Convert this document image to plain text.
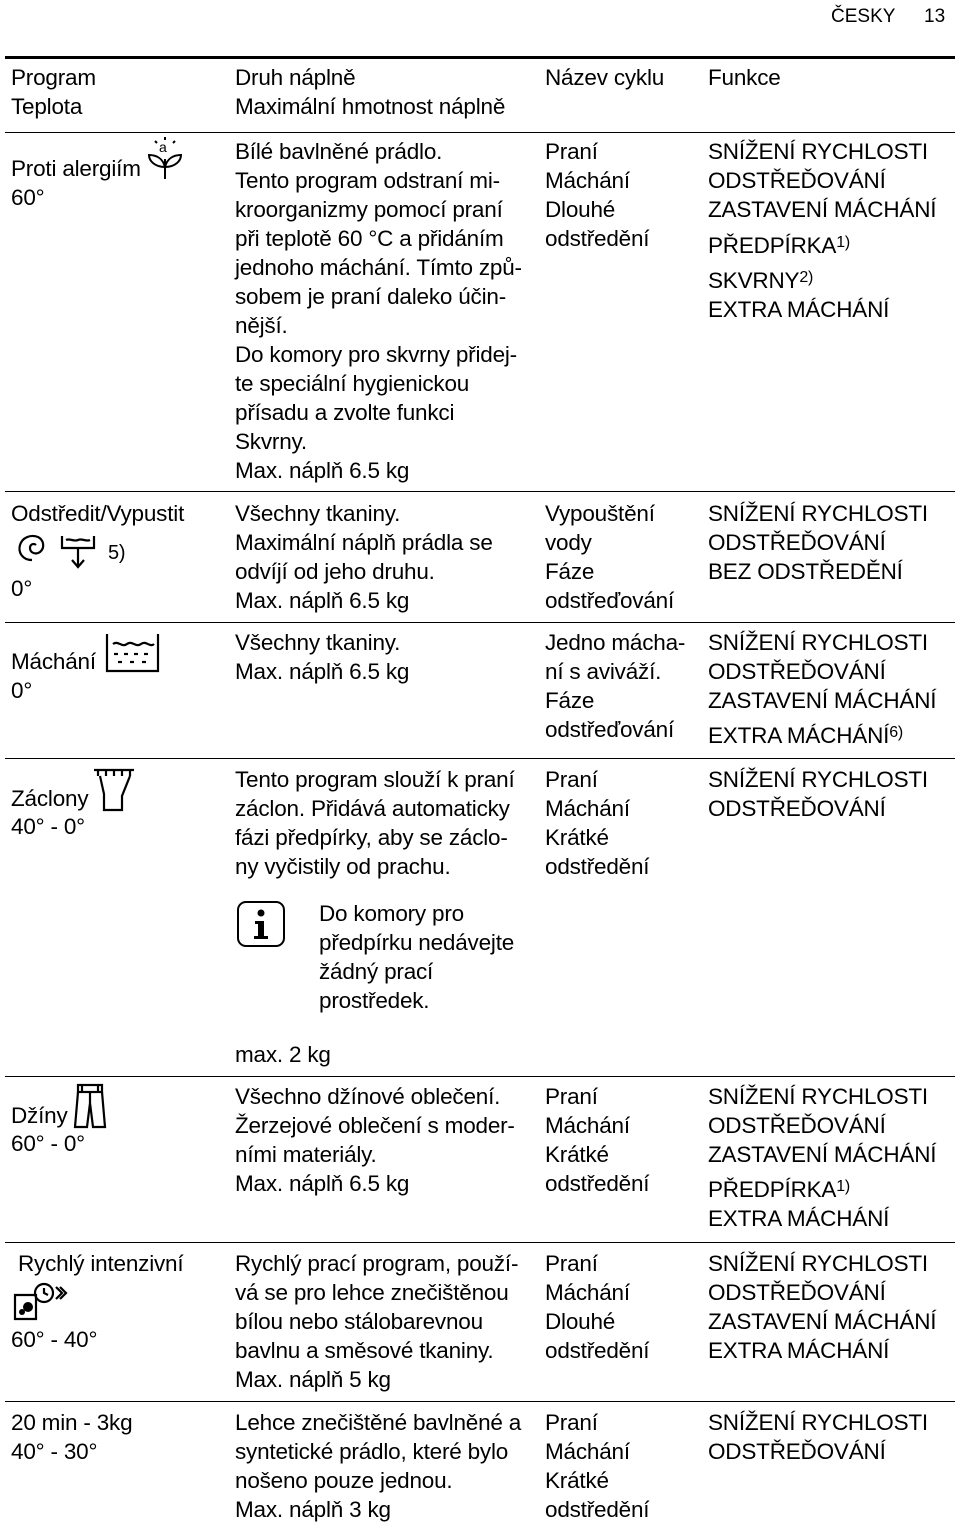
ČESKY 13
Program
Teplota
Druh náplně
Maximální hmotnost náplně
Název cyklu Funkce
Proti alergiím
a
60°
Bílé bavlněné prádlo.
Tento program odstraní mi-
kroorganizmy pomocí praní
při teplotě 60 °C a přidáním
jednoho máchání. Tímto způ-
sobem je praní daleko účin-
nější.
Do komory pro skvrny přidej-
te speciální hygienickou
přísadu a zvolte funkci
Skvrny.
Max. náplň 6.5 kg
Praní
Máchání
Dlouhé
odstředění
SNÍŽENÍ RYCHLOSTI
ODSTŘEĎOVÁNÍ
ZASTAVENÍ MÁCHÁNÍ
PŘEDPÍRKA$^{1)}$
SKVRNY$^{2)}$
EXTRA MÁCHÁNÍ
Odstředit/Vypustit
5)
0°
Všechny tkaniny.
Maximální náplň prádla se
odvíjí od jeho druhu.
Max. náplň 6.5 kg
Vypouštění
vody
Fáze
odstřeďování
SNÍŽENÍ RYCHLOSTI
ODSTŘEĎOVÁNÍ
BEZ ODSTŘEDĚNÍ
Máchání
0°
Všechny tkaniny.
Max. náplň 6.5 kg
Jedno mácha-
ní s aviváží.
Fáze
odstřeďování
SNÍŽENÍ RYCHLOSTI
ODSTŘEĎOVÁNÍ
ZASTAVENÍ MÁCHÁNÍ
EXTRA MÁCHÁNÍ$^{6)}$
Záclony
40° - 0°
Tento program slouží k praní
záclon. Přidává automaticky
fázi předpírky, aby se záclo-
ny vyčistily od prachu.
Do komory pro
předpírku nedávejte
žádný prací
prostředek.
max. 2 kg
Praní
Máchání
Krátké
odstředění
SNÍŽENÍ RYCHLOSTI
ODSTŘEĎOVÁNÍ
Džíny
60° - 0°
Všechno džínové oblečení.
Žerzejové oblečení s moder-
ními materiály.
Max. náplň 6.5 kg
Praní
Máchání
Krátké
odstředění
SNÍŽENÍ RYCHLOSTI
ODSTŘEĎOVÁNÍ
ZASTAVENÍ MÁCHÁNÍ
PŘEDPÍRKA$^{1)}$
EXTRA MÁCHÁNÍ
Rychlý intenzivní
60° - 40°
Rychlý prací program, použí-
vá se pro lehce znečištěnou
bílou nebo stálobarevnou
bavlnu a směsové tkaniny.
Max. náplň 5 kg
Praní
Máchání
Dlouhé
odstředění
SNÍŽENÍ RYCHLOSTI
ODSTŘEĎOVÁNÍ
ZASTAVENÍ MÁCHÁNÍ
EXTRA MÁCHÁNÍ
20 min - 3kg
40° - 30°
Lehce znečištěné bavlněné a
syntetické prádlo, které bylo
nošeno pouze jednou.
Max. náplň 3 kg
Praní
Máchání
Krátké
odstředění
SNÍŽENÍ RYCHLOSTI
ODSTŘEĎOVÁNÍ
